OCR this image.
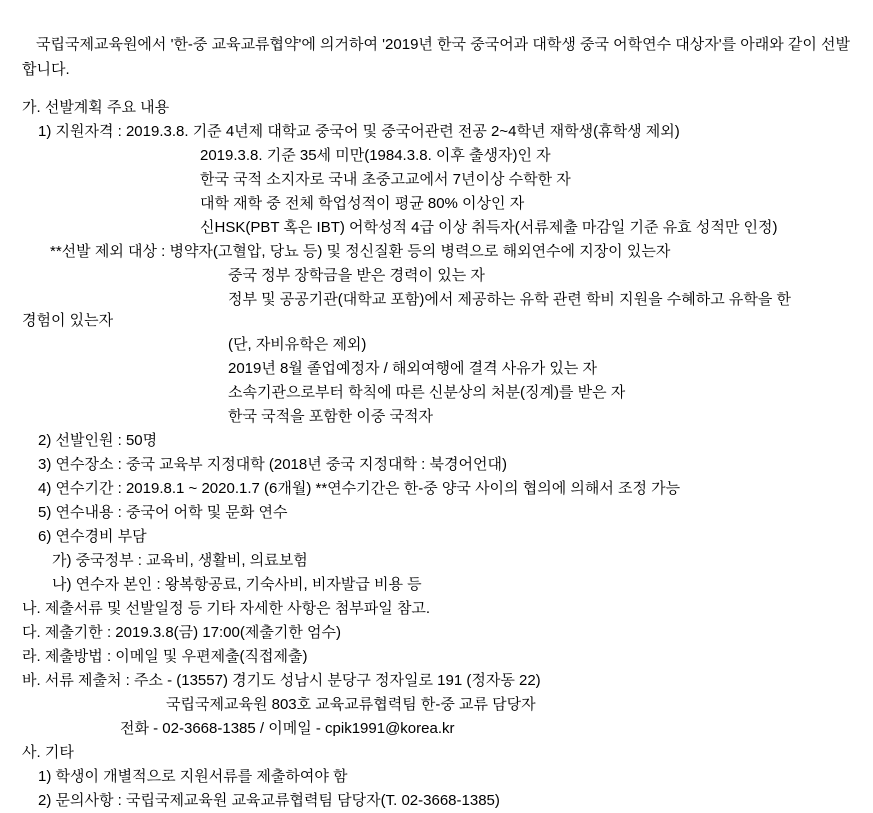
국립국제교육원에서 '한-중 교육교류협약'에 의거하여 '2019년 한국 중국어과 대학생 중국 어학연수 대상자'를 아래와 같이 선발합니다.
가. 선발계획 주요 내용
1) 지원자격 : 2019.3.8. 기준 4년제 대학교 중국어 및 중국어관련 전공 2~4학년 재학생(휴학생 제외)
2019.3.8. 기준 35세 미만(1984.3.8. 이후 출생자)인 자
한국 국적 소지자로 국내 초중고교에서 7년이상 수학한 자
대학 재학 중 전체 학업성적이 평균 80% 이상인 자
신HSK(PBT 혹은 IBT) 어학성적 4급 이상 취득자(서류제출 마감일 기준 유효 성적만 인정)
**선발 제외 대상 : 병약자(고혈압, 당뇨 등) 및 정신질환 등의 병력으로 해외연수에 지장이 있는자
중국 정부 장학금을 받은 경력이 있는 자
정부 및 공공기관(대학교 포함)에서 제공하는 유학 관련 학비 지원을 수혜하고 유학을 한
경험이 있는자
(단, 자비유학은 제외)
2019년 8월 졸업예정자 / 해외여행에 결격 사유가 있는 자
소속기관으로부터 학칙에 따른 신분상의 처분(징계)를 받은 자
한국 국적을 포함한 이중 국적자
2) 선발인원 : 50명
3) 연수장소 : 중국 교육부 지정대학 (2018년 중국 지정대학 : 북경어언대)
4) 연수기간 : 2019.8.1 ~ 2020.1.7 (6개월) **연수기간은 한-중 양국 사이의 협의에 의해서 조정 가능
5) 연수내용 : 중국어 어학 및 문화 연수
6) 연수경비 부담
가) 중국정부 : 교육비, 생활비, 의료보험
나) 연수자 본인 : 왕복항공료, 기숙사비, 비자발급 비용 등
나. 제출서류 및 선발일정 등 기타 자세한 사항은 첨부파일 참고.
다. 제출기한 : 2019.3.8(금) 17:00(제출기한 엄수)
라. 제출방법 : 이메일 및 우편제출(직접제출)
바. 서류 제출처 : 주소 - (13557) 경기도 성남시 분당구 정자일로 191 (정자동 22)
국립국제교육원 803호 교육교류협력팀 한-중 교류 담당자
전화 - 02-3668-1385 / 이메일 - cpik1991@korea.kr
사. 기타
1) 학생이 개별적으로 지원서류를 제출하여야 함
2) 문의사항 : 국립국제교육원 교육교류협력팀 담당자(T. 02-3668-1385)
